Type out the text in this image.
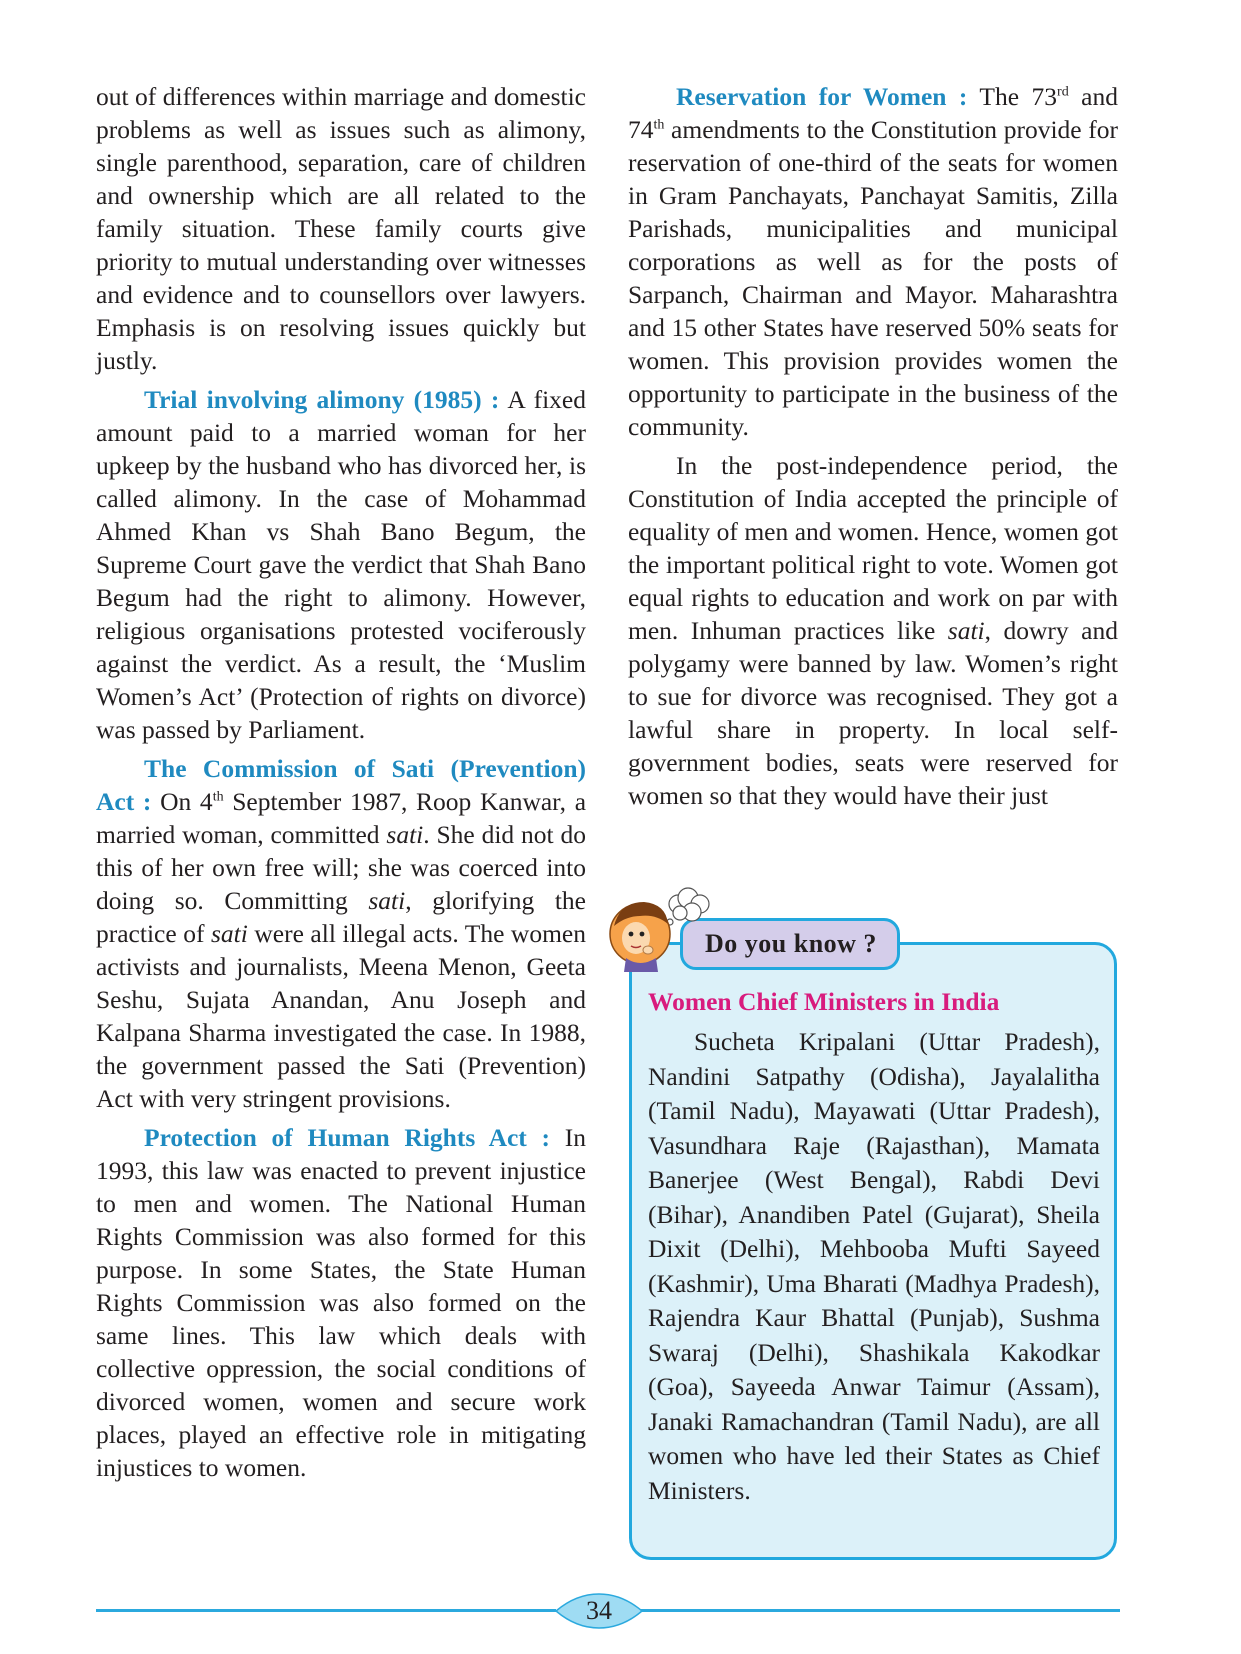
out of differences within marriage and domestic problems as well as issues such as alimony, single parenthood, separation, care of children and ownership which are all related to the family situation. These family courts give priority to mutual understanding over witnesses and evidence and to counsellors over lawyers. Emphasis is on resolving issues quickly but justly.

Trial involving alimony (1985) : A fixed amount paid to a married woman for her upkeep by the husband who has divorced her, is called alimony. In the case of Mohammad Ahmed Khan vs Shah Bano Begum, the Supreme Court gave the verdict that Shah Bano Begum had the right to alimony. However, religious organisations protested vociferously against the verdict. As a result, the ‘Muslim Women’s Act’ (Protection of rights on divorce) was passed by Parliament.

The Commission of Sati (Prevention) Act : On 4th September 1987, Roop Kanwar, a married woman, committed sati. She did not do this of her own free will; she was coerced into doing so. Committing sati, glorifying the practice of sati were all illegal acts. The women activists and journalists, Meena Menon, Geeta Seshu, Sujata Anandan, Anu Joseph and Kalpana Sharma investigated the case. In 1988, the government passed the Sati (Prevention) Act with very stringent provisions.

Protection of Human Rights Act : In 1993, this law was enacted to prevent injustice to men and women. The National Human Rights Commission was also formed for this purpose. In some States, the State Human Rights Commission was also formed on the same lines. This law which deals with collective oppression, the social conditions of divorced women, women and secure work places, played an effective role in mitigating injustices to women.

Reservation for Women : The 73rd and 74th amendments to the Constitution provide for reservation of one-third of the seats for women in Gram Panchayats, Panchayat Samitis, Zilla Parishads, municipalities and municipal corporations as well as for the posts of Sarpanch, Chairman and Mayor. Maharashtra and 15 other States have reserved 50% seats for women. This provision provides women the opportunity to participate in the business of the community.

In the post-independence period, the Constitution of India accepted the principle of equality of men and women. Hence, women got the important political right to vote. Women got equal rights to education and work on par with men. Inhuman practices like sati, dowry and polygamy were banned by law. Women’s right to sue for divorce was recognised. They got a lawful share in property. In local self-government bodies, seats were reserved for women so that they would have their just

Do you know ?
Women Chief Ministers in India

Sucheta Kripalani (Uttar Pradesh), Nandini Satpathy (Odisha), Jayalalitha (Tamil Nadu), Mayawati (Uttar Pradesh), Vasundhara Raje (Rajasthan), Mamata Banerjee (West Bengal), Rabdi Devi (Bihar), Anandiben Patel (Gujarat), Sheila Dixit (Delhi), Mehbooba Mufti Sayeed (Kashmir), Uma Bharati (Madhya Pradesh), Rajendra Kaur Bhattal (Punjab), Sushma Swaraj (Delhi), Shashikala Kakodkar (Goa), Sayeeda Anwar Taimur (Assam), Janaki Ramachandran (Tamil Nadu), are all women who have led their States as Chief Ministers.

34
